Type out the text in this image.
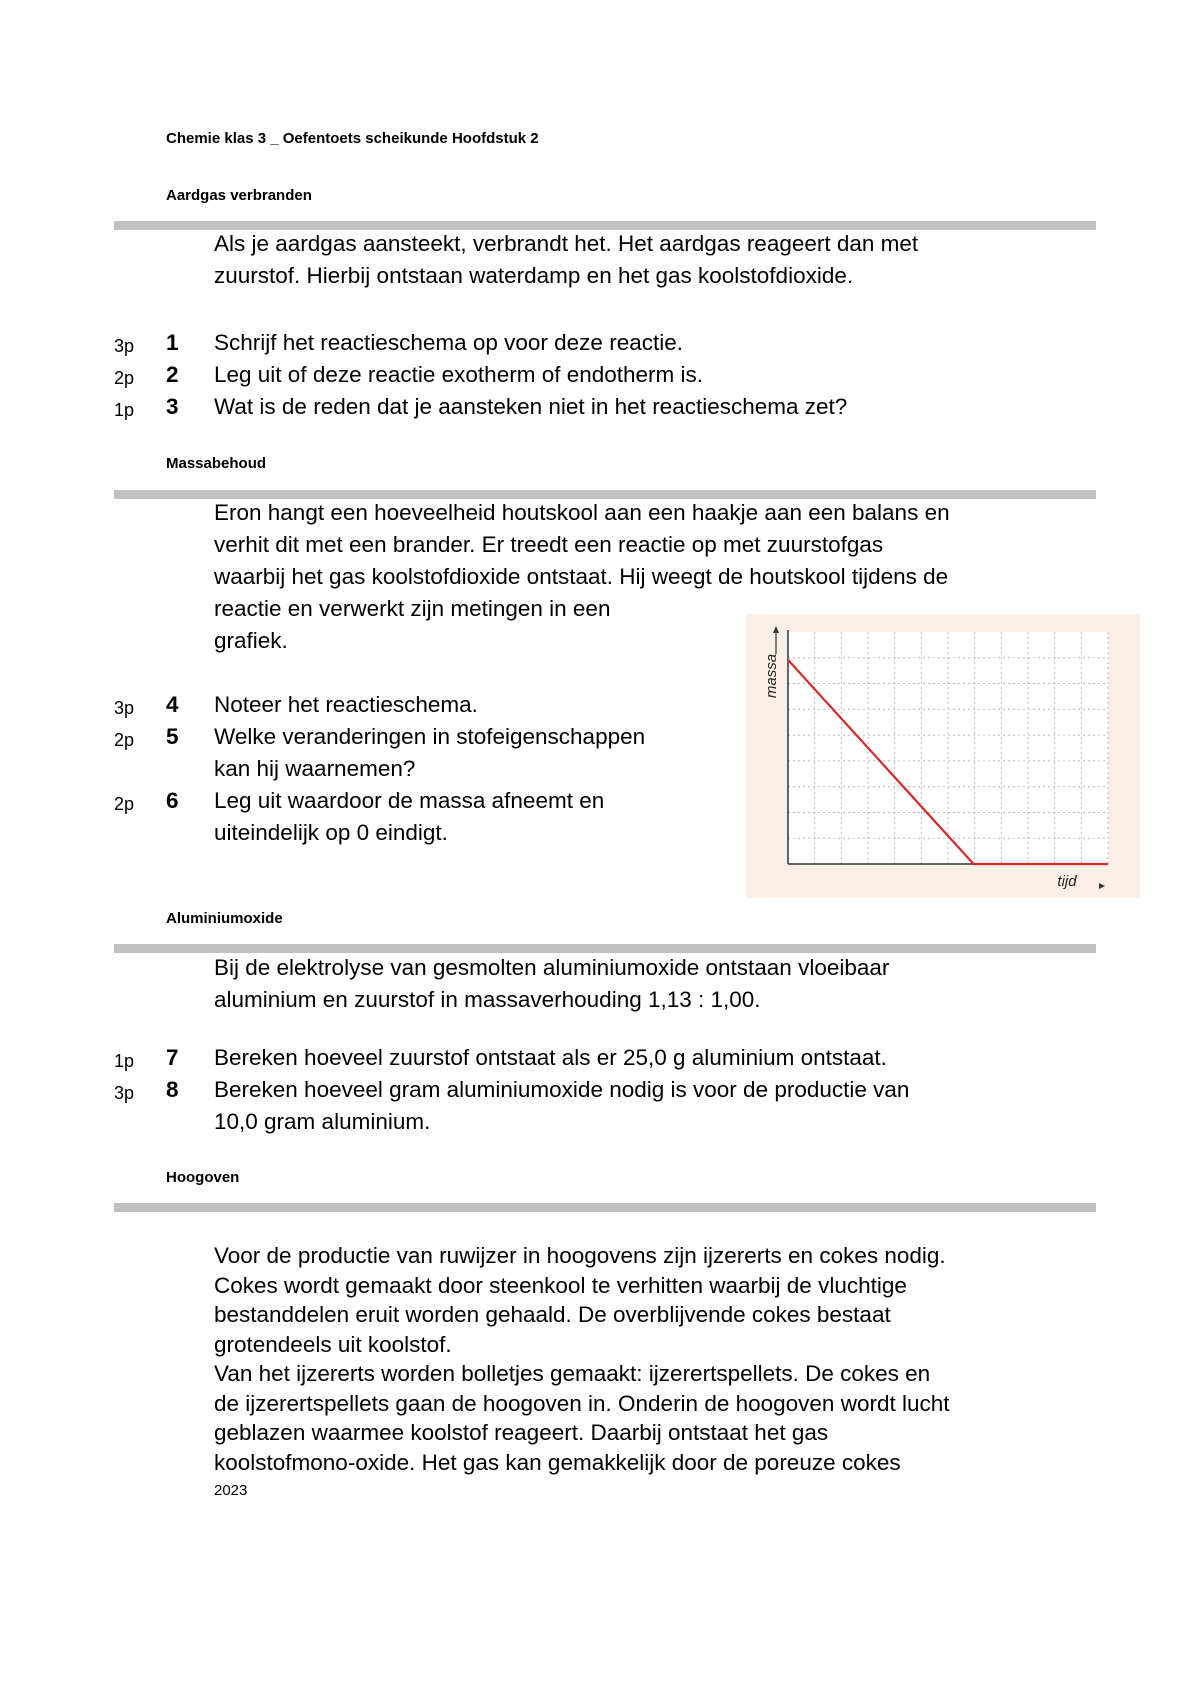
Chemie klas 3 _ Oefentoets scheikunde Hoofdstuk 2
Aardgas verbranden

Als je aardgas aansteekt, verbrandt het. Het aardgas reageert dan met
zuurstof. Hierbij ontstaan waterdamp en het gas koolstofdioxide.

3p 1 Schrijf het reactieschema op voor deze reactie.
2p 2 Leg uit of deze reactie exotherm of endotherm is.
1p 3 Wat is de reden dat je aansteken niet in het reactieschema zet?
Massabehoud

Eron hangt een hoeveelheid houtskool aan een haakje aan een balans en
verhit dit met een brander. Er treedt een reactie op met zuurstofgas
waarbij het gas koolstofdioxide ontstaat. Hij weegt de houtskool tijdens de
reactie en verwerkt zijn metingen in een
grafiek.

3p 4 Noteer het reactieschema.
2p 5 Welke veranderingen in stofeigenschappen
kan hij waarnemen?
2p 6 Leg uit waardoor de massa afneemt en
uiteindelijk op 0 eindigt.
massa
tijd
Aluminiumoxide

Bij de elektrolyse van gesmolten aluminiumoxide ontstaan vloeibaar
aluminium en zuurstof in massaverhouding 1,13 : 1,00.

1p 7 Bereken hoeveel zuurstof ontstaat als er 25,0 g aluminium ontstaat.
3p 8 Bereken hoeveel gram aluminiumoxide nodig is voor de productie van
10,0 gram aluminium.
Hoogoven

Voor de productie van ruwijzer in hoogovens zijn ijzererts en cokes nodig.
Cokes wordt gemaakt door steenkool te verhitten waarbij de vluchtige
bestanddelen eruit worden gehaald. De overblijvende cokes bestaat
grotendeels uit koolstof.
Van het ijzererts worden bolletjes gemaakt: ijzerertspellets. De cokes en
de ijzerertspellets gaan de hoogoven in. Onderin de hoogoven wordt lucht
geblazen waarmee koolstof reageert. Daarbij ontstaat het gas
koolstofmono-oxide. Het gas kan gemakkelijk door de poreuze cokes

2023
